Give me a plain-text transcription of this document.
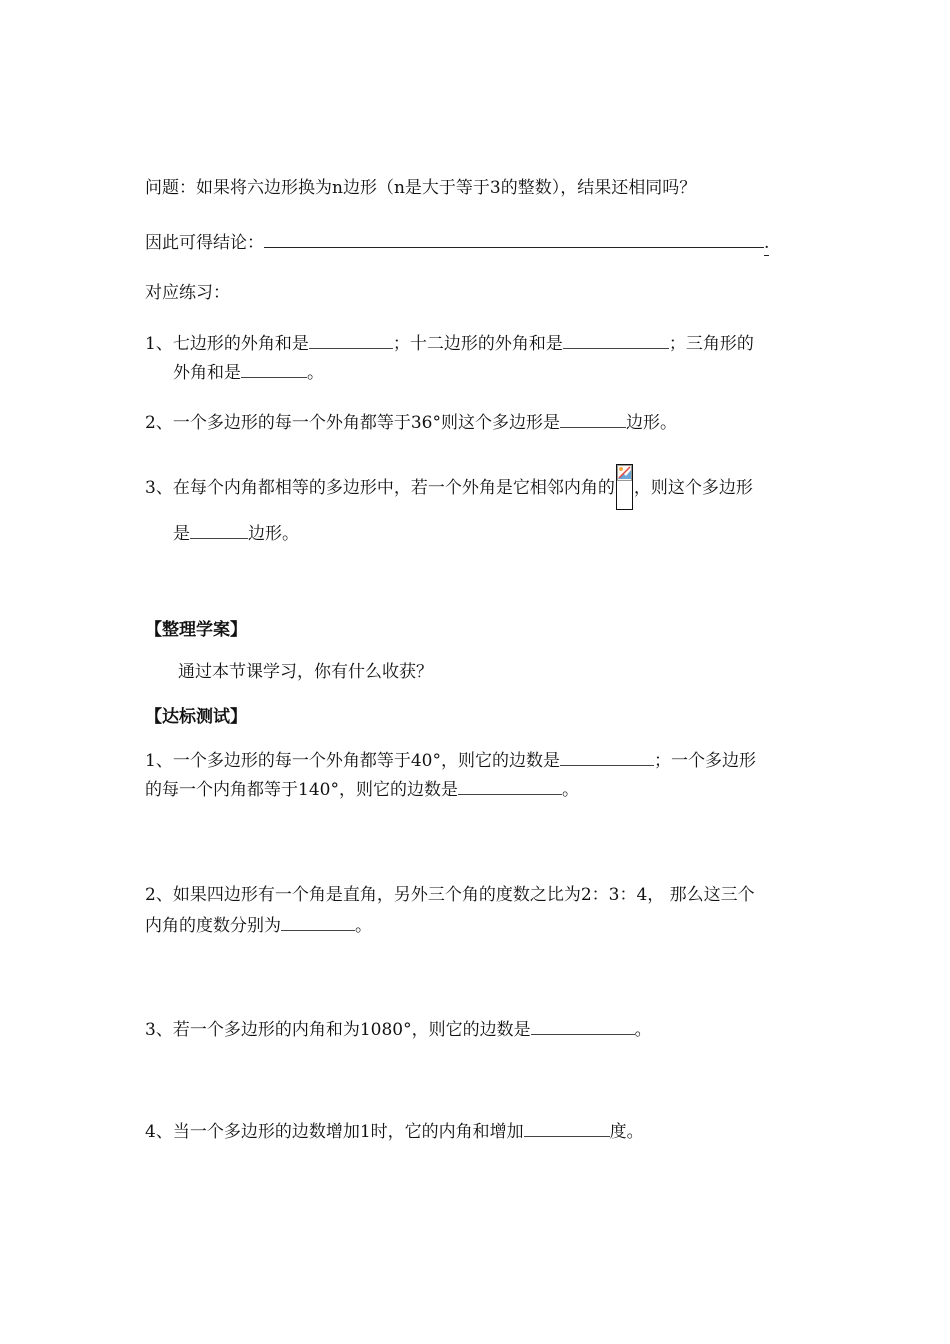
问题：如果将六边形换为n边形（n是大于等于3的整数），结果还相同吗？
因此可得结论：	.
对应练习：
1、七边形的外角和是	；十二边形的外角和是	；三角形的
外角和是	。
2、一个多边形的每一个外角都等于36°则这个多边形是	边形。
3、在每个内角都相等的多边形中，若一个外角是它相邻内角的 ，则这个多边形
是	边形。
【整理学案】
通过本节课学习，你有什么收获？
【达标测试】
1、一个多边形的每一个外角都等于40°，则它的边数是	；一个多边形
的每一个内角都等于140°，则它的边数是	。
2、如果四边形有一个角是直角，另外三个角的度数之比为2：3：4， 那么这三个
内角的度数分别为	。
3、若一个多边形的内角和为1080°，则它的边数是	。
4、当一个多边形的边数增加1时，它的内角和增加	度。
